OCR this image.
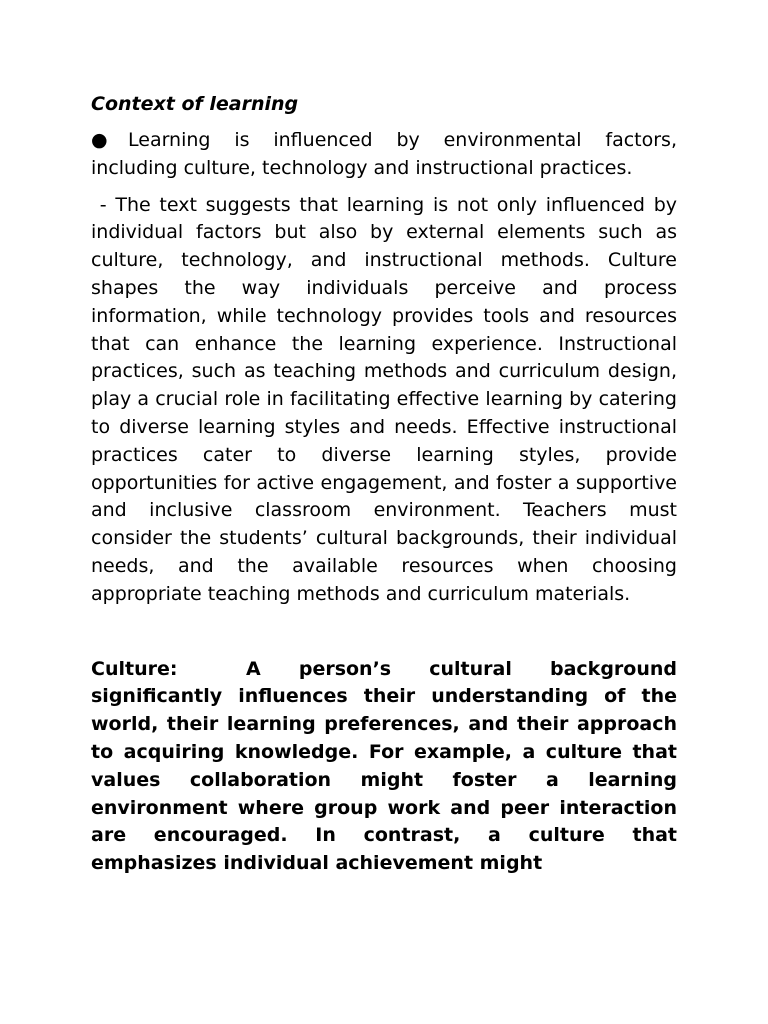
Context of learning

● Learning is influenced by environmental factors, including culture, technology and instructional practices.

- The text suggests that learning is not only influenced by individual factors but also by external elements such as culture, technology, and instructional methods. Culture shapes the way individuals perceive and process information, while technology provides tools and resources that can enhance the learning experience. Instructional practices, such as teaching methods and curriculum design, play a crucial role in facilitating effective learning by catering to diverse learning styles and needs. Effective instructional practices cater to diverse learning styles, provide opportunities for active engagement, and foster a supportive and inclusive classroom environment. Teachers must consider the students’ cultural backgrounds, their individual needs, and the available resources when choosing appropriate teaching methods and curriculum materials.

Culture:	A person’s cultural background significantly influences their understanding of the world, their learning preferences, and their approach to acquiring knowledge. For example, a culture that values collaboration might foster a learning environment where group work and peer interaction are encouraged. In contrast, a culture that emphasizes individual achievement might
